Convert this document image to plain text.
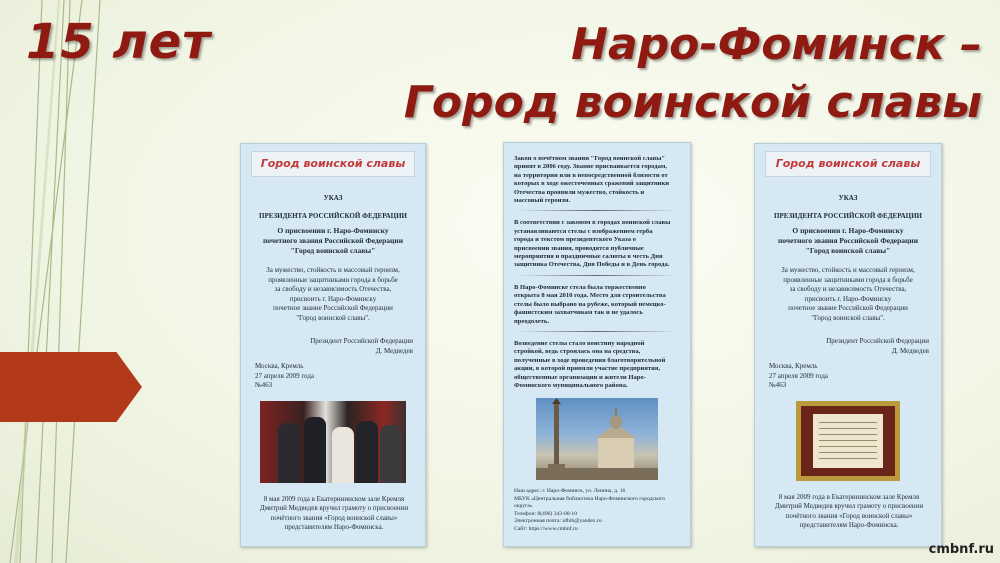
15 лет	Наро-Фоминск –
Город воинской славы
Город воинской славы
УКАЗ
ПРЕЗИДЕНТА РОССИЙСКОЙ ФЕДЕРАЦИИ
О присвоении г. Наро-Фоминску
почетного звания Российской Федерации
"Город воинской славы"
За мужество, стойкость и массовый героизм,
проявленные защитниками города в борьбе
за свободу и независимость Отечества,
присвоить г. Наро-Фоминску
почетное звание Российской Федерации
"Город воинской славы".
Президент Российской Федерации
Д. Медведев
Москва, Кремль
27 апреля 2009 года
№463
8 мая 2009 года в Екатерининском зале Кремля
Дмитрий Медведев вручил грамоту о присвоении
почётного звания «Город воинской славы»
представителям Наро-Фоминска.
Закон о почётном звании "Город воинской славы"
принят в 2006 году. Звание присваивается городам,
на территории или в непосредственной близости от
которых в ходе ожесточенных сражений защитники
Отечества проявили мужество, стойкость и
массовый героизм.
В соответствии с законом в городах воинской славы
устанавливаются стелы с изображением герба
города и текстом президентского Указа о
присвоении звания, проводятся публичные
мероприятия и праздничные салюты в честь Дня
защитника Отечества, Дня Победы и в День города.
В Наро-Фоминске стела была торжественно
открыта 8 мая 2010 года. Место для строительства
стелы было выбрано на рубеже, который немецко-
фашистским захватчикам так и не удалось
преодолеть.
Возведение стелы стало воистину народной
стройкой, ведь строилась она на средства,
полученные в ходе проведения благотворительной
акции, в которой приняли участие предприятия,
общественные организации и жители Наро-
Фоминского муниципального района.
Наш адрес: г. Наро-Фоминск, ул. Ленина, д. 16
МБУК «Центральная библиотека Наро-Фоминского городского округа»
Телефон: 8(496) 343-00-10
Электронная почта: nfbib@yandex.ru
Сайт: https://www.cmbnf.ru
Город воинской славы
УКАЗ
ПРЕЗИДЕНТА РОССИЙСКОЙ ФЕДЕРАЦИИ
О присвоении г. Наро-Фоминску
почетного звания Российской Федерации
"Город воинской славы"
За мужество, стойкость и массовый героизм,
проявленные защитниками города в борьбе
за свободу и независимость Отечества,
присвоить г. Наро-Фоминску
почетное звание Российской Федерации
"Город воинской славы".
Президент Российской Федерации
Д. Медведев
Москва, Кремль
27 апреля 2009 года
№463
8 мая 2009 года в Екатерининском зале Кремля
Дмитрий Медведев вручил грамоту о присвоении
почётного звания «Город воинской славы»
представителям Наро-Фоминска.
cmbnf.ru
